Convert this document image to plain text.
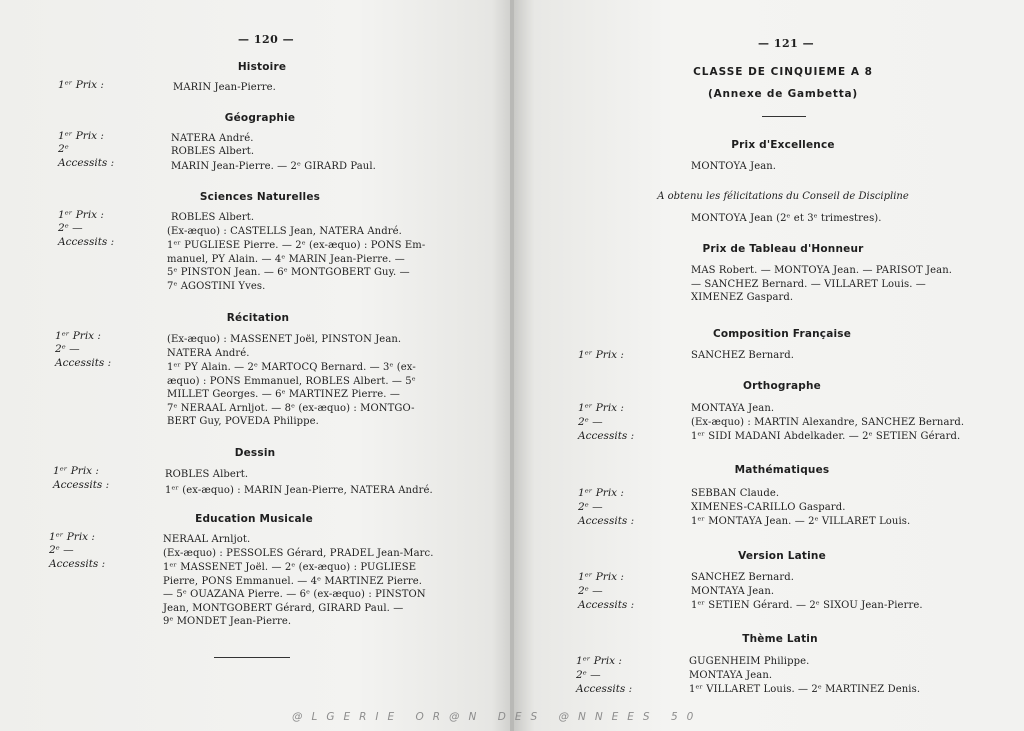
— 120 —
Histoire
1ᵉʳ Prix :	MARIN Jean-Pierre.
Géographie
1ᵉʳ Prix :
2ᵉ
Accessits :
NATERA André.
ROBLES Albert.
MARIN Jean-Pierre. — 2ᵉ GIRARD Paul.
Sciences Naturelles
1ᵉʳ Prix :
2ᵉ —
Accessits :
ROBLES Albert.
(Ex-æquo) : CASTELLS Jean, NATERA André.
1ᵉʳ PUGLIESE Pierre. — 2ᵉ (ex-æquo) : PONS Em-
manuel, PY Alain. — 4ᵉ MARIN Jean-Pierre. —
5ᵉ PINSTON Jean. — 6ᵉ MONTGOBERT Guy. —
7ᵉ AGOSTINI Yves.
Récitation
1ᵉʳ Prix :
2ᵉ —
Accessits :
(Ex-æquo) : MASSENET Joël, PINSTON Jean.
NATERA André.
1ᵉʳ PY Alain. — 2ᵉ MARTOCQ Bernard. — 3ᵉ (ex-
æquo) : PONS Emmanuel, ROBLES Albert. — 5ᵉ
MILLET Georges. — 6ᵉ MARTINEZ Pierre. —
7ᵉ NERAAL Arnljot. — 8ᵉ (ex-æquo) : MONTGO-
BERT Guy, POVEDA Philippe.
Dessin
1ᵉʳ Prix :
Accessits :
ROBLES Albert.
1ᵉʳ (ex-æquo) : MARIN Jean-Pierre, NATERA André.
Education Musicale
1ᵉʳ Prix :
2ᵉ —
Accessits :
NERAAL Arnljot.
(Ex-æquo) : PESSOLES Gérard, PRADEL Jean-Marc.
1ᵉʳ MASSENET Joël. — 2ᵉ (ex-æquo) : PUGLIESE
Pierre, PONS Emmanuel. — 4ᵉ MARTINEZ Pierre.
— 5ᵉ OUAZANA Pierre. — 6ᵉ (ex-æquo) : PINSTON
Jean, MONTGOBERT Gérard, GIRARD Paul. —
9ᵉ MONDET Jean-Pierre.
— 121 —
CLASSE DE CINQUIEME A 8
(Annexe de Gambetta)
Prix d'Excellence
MONTOYA Jean.
A obtenu les félicitations du Conseil de Discipline
MONTOYA Jean (2ᵉ et 3ᵉ trimestres).
Prix de Tableau d'Honneur
MAS Robert. — MONTOYA Jean. — PARISOT Jean.
— SANCHEZ Bernard. — VILLARET Louis. —
XIMENEZ Gaspard.
Composition Française
1ᵉʳ Prix :	SANCHEZ Bernard.
Orthographe
1ᵉʳ Prix :
2ᵉ —
Accessits :
MONTAYA Jean.
(Ex-æquo) : MARTIN Alexandre, SANCHEZ Bernard.
1ᵉʳ SIDI MADANI Abdelkader. — 2ᵉ SETIEN Gérard.
Mathématiques
1ᵉʳ Prix :
2ᵉ —
Accessits :
SEBBAN Claude.
XIMENES-CARILLO Gaspard.
1ᵉʳ MONTAYA Jean. — 2ᵉ VILLARET Louis.
Version Latine
1ᵉʳ Prix :
2ᵉ —
Accessits :
SANCHEZ Bernard.
MONTAYA Jean.
1ᵉʳ SETIEN Gérard. — 2ᵉ SIXOU Jean-Pierre.
Thème Latin
1ᵉʳ Prix :
2ᵉ —
Accessits :
GUGENHEIM Philippe.
MONTAYA Jean.
1ᵉʳ VILLARET Louis. — 2ᵉ MARTINEZ Denis.
@LGERIE OR@N DES @NNEES 50
